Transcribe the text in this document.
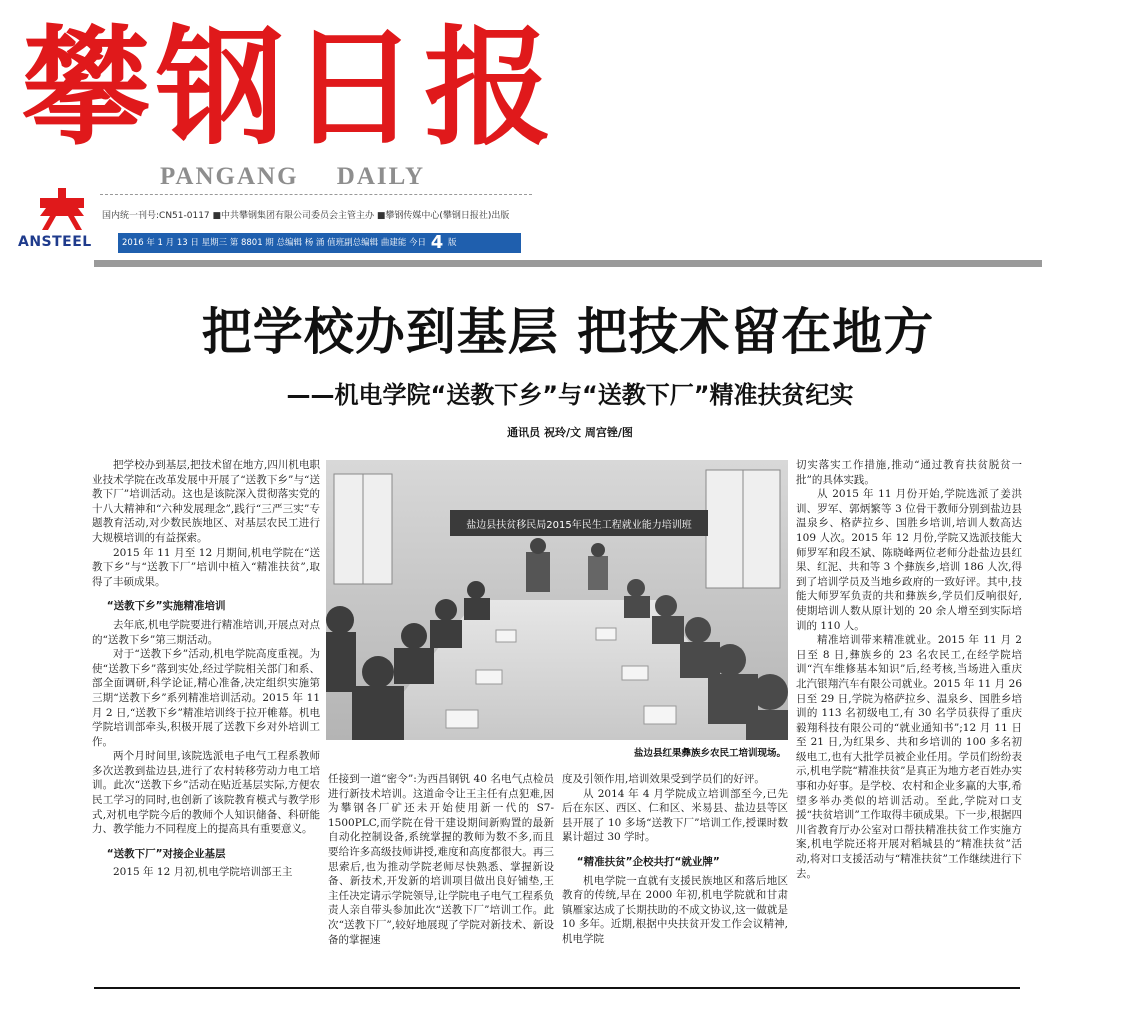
攀钢日报
PANGANG DAILY
ANSTEEL
国内统一刊号:CN51-0117 ■中共攀钢集团有限公司委员会主管主办 ■攀钢传媒中心(攀钢日报社)出版
2016 年 1 月 13 日 星期三 第 8801 期 总编辑 杨 涌 值班副总编辑 曲建能 今日 4 版
把学校办到基层 把技术留在地方
——机电学院“送教下乡”与“送教下厂”精准扶贫纪实
通讯员 祝玲/文 周宫锉/图

把学校办到基层,把技术留在地方,四川机电职业技术学院在改革发展中开展了“送教下乡”与“送教下厂”培训活动。这也是该院深入贯彻落实党的十八大精神和“六种发展理念”,践行“三严三实”专题教育活动,对少数民族地区、对基层农民工进行大规模培训的有益探索。

2015 年 11 月至 12 月期间,机电学院在“送教下乡”与“送教下厂”培训中植入“精准扶贫”,取得了丰硕成果。

“送教下乡”实施精准培训

去年底,机电学院要进行精准培训,开展点对点的“送教下乡”第三期活动。

对于“送教下乡”活动,机电学院高度重视。为使“送教下乡”落到实处,经过学院相关部门和系、部全面调研,科学论证,精心准备,决定组织实施第三期“送教下乡”系列精准培训活动。2015 年 11 月 2 日,“送教下乡”精准培训终于拉开帷幕。机电学院培训部牵头,积极开展了送教下乡对外培训工作。

两个月时间里,该院选派电子电气工程系教师多次送教到盐边县,进行了农村转移劳动力电工培训。此次“送教下乡”活动在贴近基层实际,方便农民工学习的同时,也创新了该院教育模式与教学形式,对机电学院今后的教师个人知识储备、科研能力、教学能力不同程度上的提高具有重要意义。

“送教下厂”对接企业基层

2015 年 12 月初,机电学院培训部王主

盐边县扶贫移民局2015年民生工程就业能力培训班
盐边县红果彝族乡农民工培训现场。

任接到一道“密令”:为西昌钢钒 40 名电气点检员进行新技术培训。这道命令让王主任有点犯难,因为攀钢各厂矿还未开始使用新一代的 S7-1500PLC,而学院在骨干建设期间新购置的最新自动化控制设备,系统掌握的教师为数不多,而且要给许多高级技师讲授,难度和高度都很大。再三思索后,也为推动学院老师尽快熟悉、掌握新设备、新技术,开发新的培训项目做出良好铺垫,王主任决定请示学院领导,让学院电子电气工程系负责人亲自带头参加此次“送教下厂”培训工作。此次“送教下厂”,较好地展现了学院对新技术、新设备的掌握速

度及引领作用,培训效果受到学员们的好评。

从 2014 年 4 月学院成立培训部至今,已先后在东区、西区、仁和区、米易县、盐边县等区县开展了 10 多场“送教下厂”培训工作,授课时数累计超过 30 学时。

“精准扶贫”企校共打“就业牌”

机电学院一直就有支援民族地区和落后地区教育的传统,早在 2000 年初,机电学院就和甘肃镇雁家达成了长期扶助的不成文协议,这一做就是 10 多年。近期,根据中央扶贫开发工作会议精神,机电学院

切实落实工作措施,推动“通过教育扶贫脱贫一批”的具体实践。

从 2015 年 11 月份开始,学院选派了姜洪训、罗军、郭炳繁等 3 位骨干教师分别到盐边县温泉乡、格萨拉乡、国胜乡培训,培训人数高达 109 人次。2015 年 12 月份,学院又选派技能大师罗军和段丕斌、陈晓峰两位老师分赴盐边县红果、红泥、共和等 3 个彝族乡,培训 186 人次,得到了培训学员及当地乡政府的一致好评。其中,技能大师罗军负责的共和彝族乡,学员们反响很好,使期培训人数从原计划的 20 余人增至到实际培训的 110 人。

精准培训带来精准就业。2015 年 11 月 2 日至 8 日,彝族乡的 23 名农民工,在经学院培训“汽车维修基本知识”后,经考核,当场进入重庆北汽银翔汽车有限公司就业。2015 年 11 月 26 日至 29 日,学院为格萨拉乡、温泉乡、国胜乡培训的 113 名初级电工,有 30 名学员获得了重庆毅翔科技有限公司的“就业通知书”;12 月 11 日至 21 日,为红果乡、共和乡培训的 100 多名初级电工,也有大批学员被企业任用。学员们纷纷表示,机电学院“精准扶贫”是真正为地方老百姓办实事和办好事。是学校、农村和企业多赢的大事,希望多举办类似的培训活动。至此,学院对口支援“扶贫培训”工作取得丰硕成果。下一步,根据四川省教育厅办公室对口帮扶精准扶贫工作实施方案,机电学院还将开展对稻城县的“精准扶贫”活动,将对口支援活动与“精准扶贫”工作继续进行下去。
